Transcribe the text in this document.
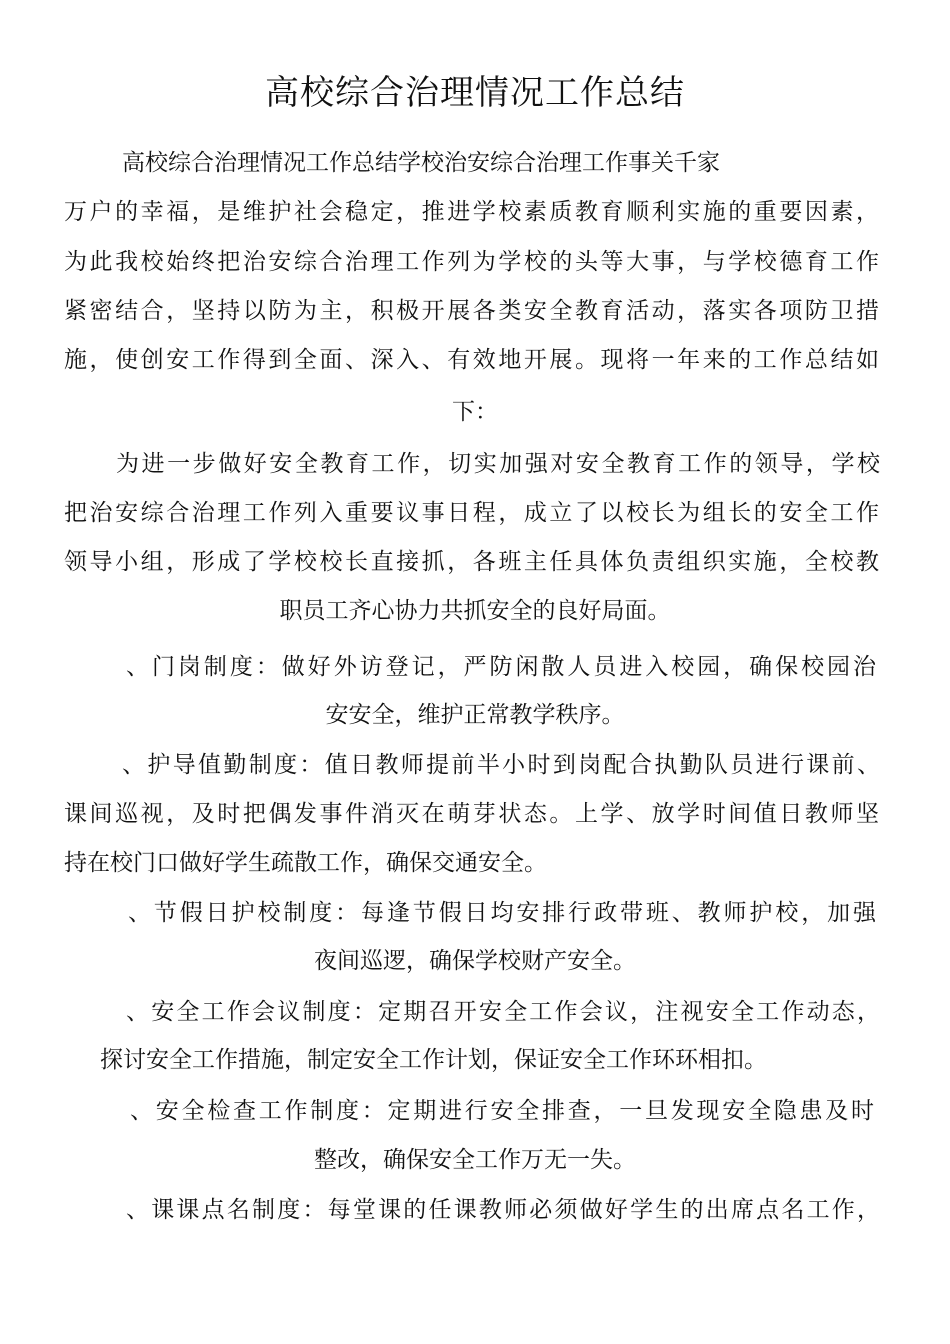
高校综合治理情况工作总结
高校综合治理情况工作总结学校治安综合治理工作事关千家
万户的幸福，是维护社会稳定，推进学校素质教育顺利实施的重要因素，
为此我校始终把治安综合治理工作列为学校的头等大事，与学校德育工作
紧密结合，坚持以防为主，积极开展各类安全教育活动，落实各项防卫措
施，使创安工作得到全面、深入、有效地开展。现将一年来的工作总结如
下：
为进一步做好安全教育工作，切实加强对安全教育工作的领导，学校
把治安综合治理工作列入重要议事日程，成立了以校长为组长的安全工作
领导小组，形成了学校校长直接抓，各班主任具体负责组织实施，全校教
职员工齐心协力共抓安全的良好局面。
、门岗制度：做好外访登记，严防闲散人员进入校园，确保校园治
安安全，维护正常教学秩序。
、护导值勤制度：值日教师提前半小时到岗配合执勤队员进行课前、
课间巡视，及时把偶发事件消灭在萌芽状态。上学、放学时间值日教师坚
持在校门口做好学生疏散工作，确保交通安全。
、节假日护校制度：每逢节假日均安排行政带班、教师护校，加强
夜间巡逻，确保学校财产安全。
、安全工作会议制度：定期召开安全工作会议，注视安全工作动态，
探讨安全工作措施，制定安全工作计划，保证安全工作环环相扣。
、安全检查工作制度：定期进行安全排查，一旦发现安全隐患及时
整改，确保安全工作万无一失。
、课课点名制度：每堂课的任课教师必须做好学生的出席点名工作，
